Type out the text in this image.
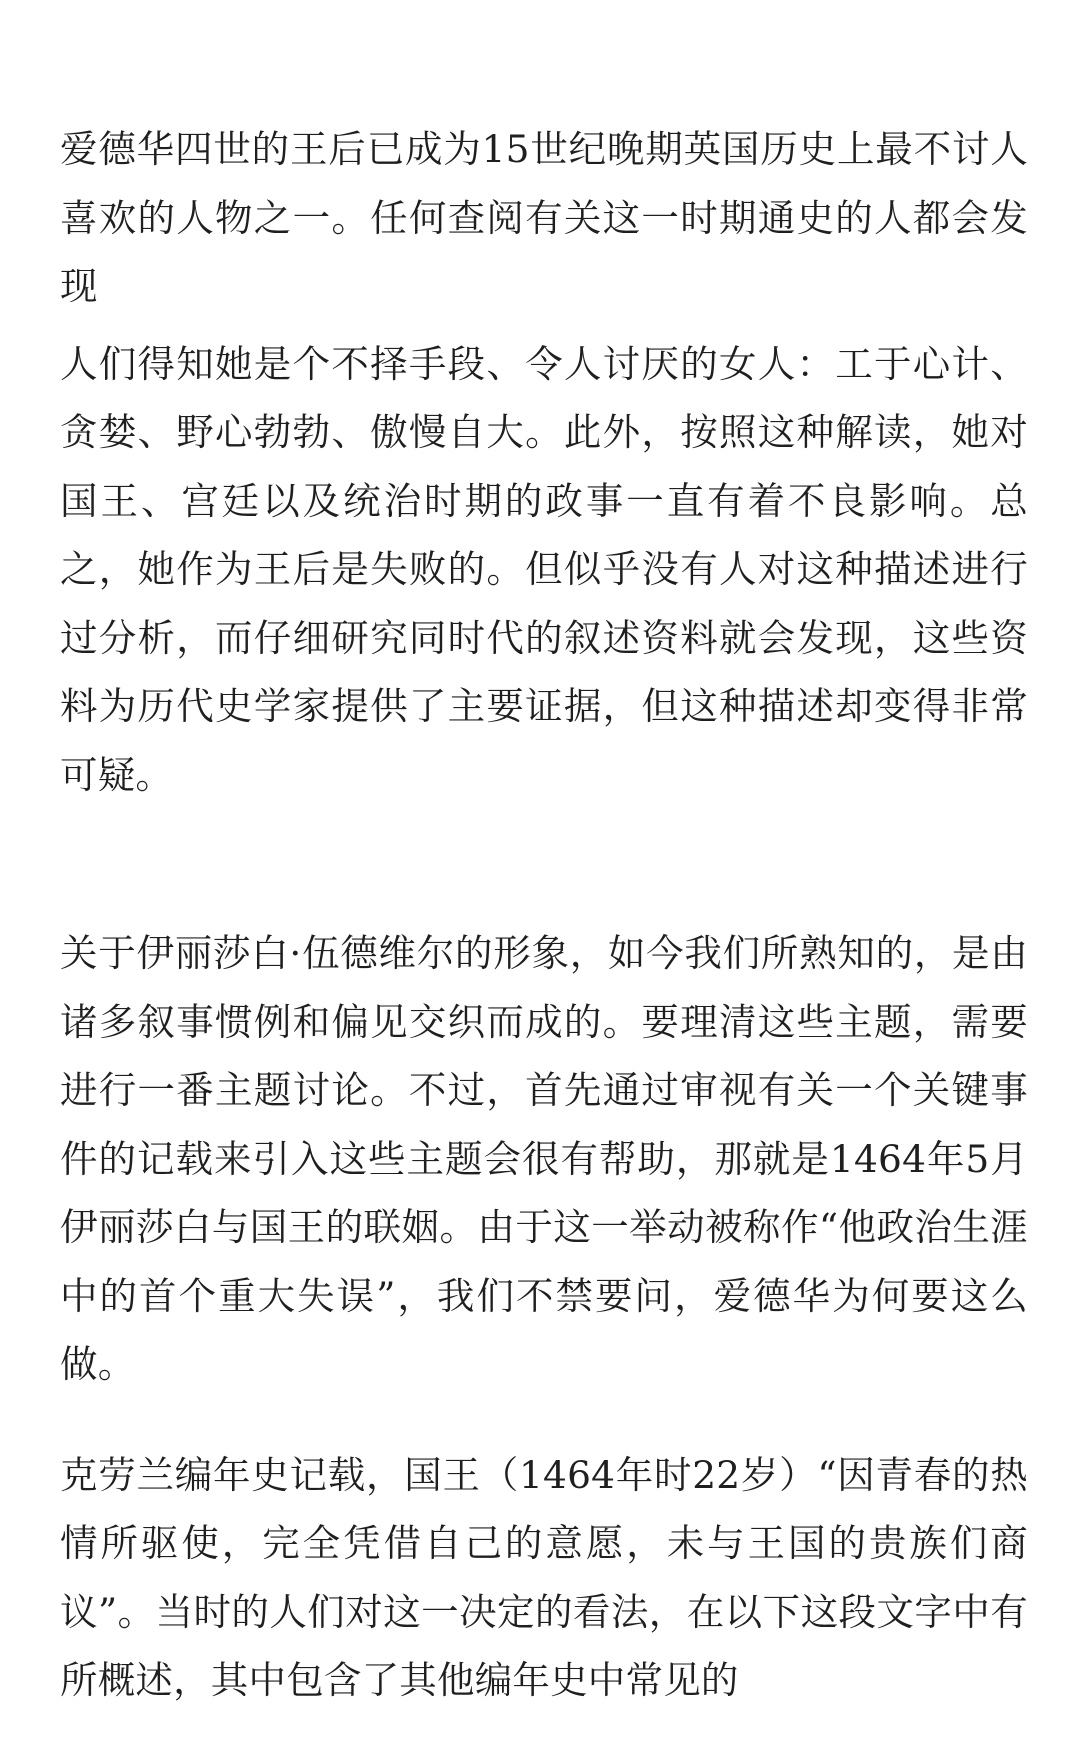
爱德华四世的王后已成为15世纪晚期英国历史上最不讨人喜欢的人物之一。任何查阅有关这一时期通史的人都会发现

人们得知她是个不择手段、令人讨厌的女人：工于心计、贪婪、野心勃勃、傲慢自大。此外，按照这种解读，她对国王、宫廷以及统治时期的政事一直有着不良影响。总之，她作为王后是失败的。但似乎没有人对这种描述进行过分析，而仔细研究同时代的叙述资料就会发现，这些资料为历代史学家提供了主要证据，但这种描述却变得非常可疑。

关于伊丽莎白·伍德维尔的形象，如今我们所熟知的，是由诸多叙事惯例和偏见交织而成的。要理清这些主题，需要进行一番主题讨论。不过，首先通过审视有关一个关键事件的记载来引入这些主题会很有帮助，那就是1464年5月伊丽莎白与国王的联姻。由于这一举动被称作“他政治生涯中的首个重大失误”，我们不禁要问，爱德华为何要这么做。

克劳兰编年史记载，国王（1464年时22岁）“因青春的热情所驱使，完全凭借自己的意愿，未与王国的贵族们商议”。当时的人们对这一决定的看法，在以下这段文字中有所概述，其中包含了其他编年史中常见的
